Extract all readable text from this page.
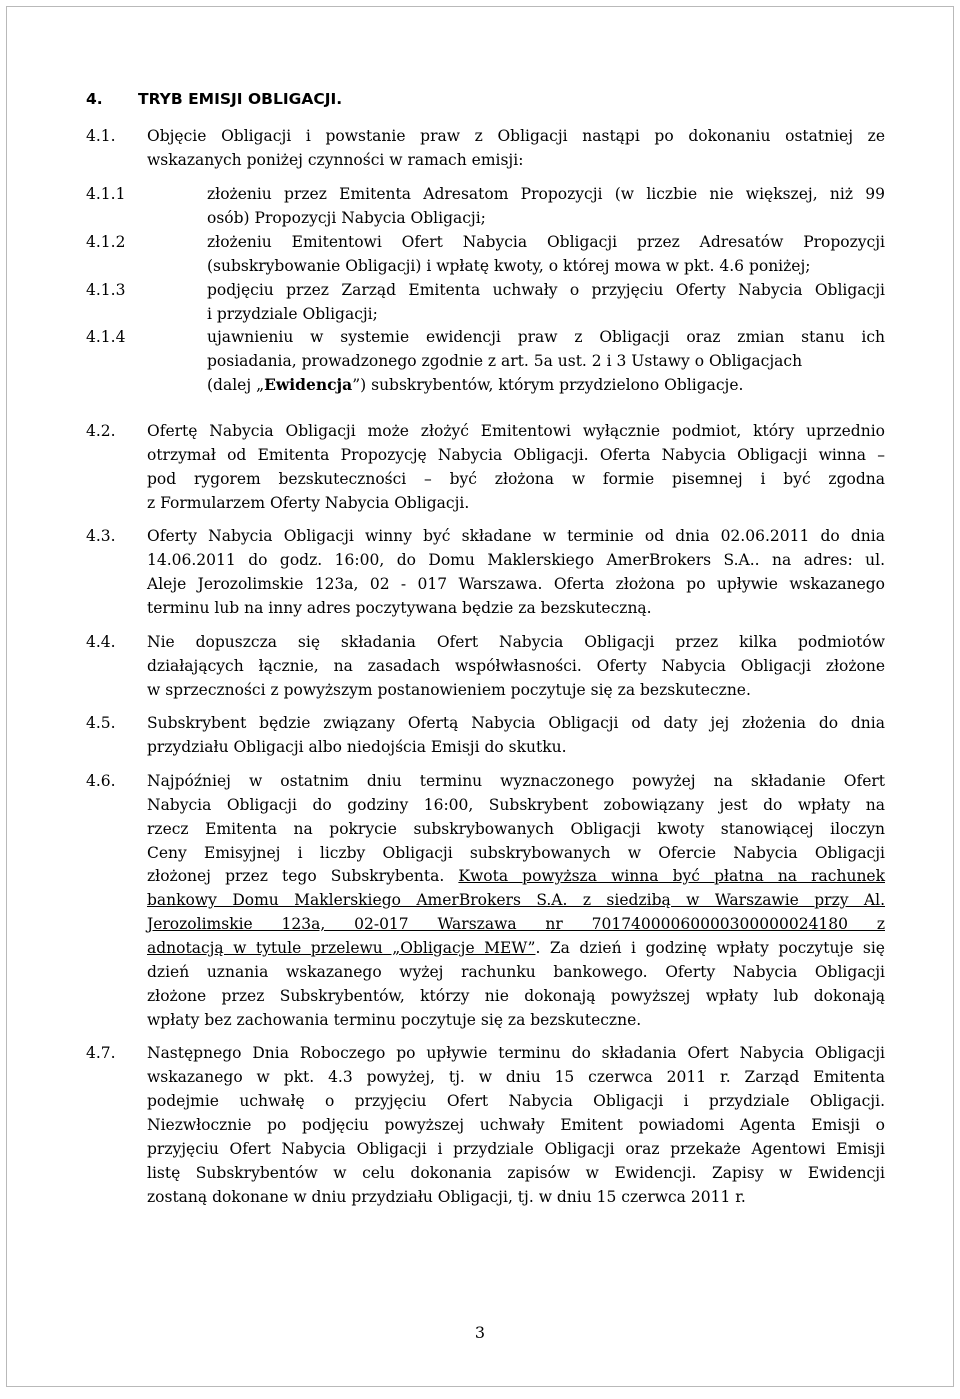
4. TRYB EMISJI OBLIGACJI.
4.1. Objęcie Obligacji i powstanie praw z Obligacji nastąpi po dokonaniu ostatniej ze
wskazanych poniżej czynności w ramach emisji:
4.1.1	złożeniu przez Emitenta Adresatom Propozycji (w liczbie nie większej, niż 99
osób) Propozycji Nabycia Obligacji;
4.1.2	złożeniu Emitentowi Ofert Nabycia Obligacji przez Adresatów Propozycji
(subskrybowanie Obligacji) i wpłatę kwoty, o której mowa w pkt. 4.6 poniżej;
4.1.3	podjęciu przez Zarząd Emitenta uchwały o przyjęciu Oferty Nabycia Obligacji
i przydziale Obligacji;
4.1.4	ujawnieniu w systemie ewidencji praw z Obligacji oraz zmian stanu ich
posiadania, prowadzonego zgodnie z art. 5a ust. 2 i 3 Ustawy o Obligacjach
(dalej „Ewidencja”) subskrybentów, którym przydzielono Obligacje.
4.2. Ofertę Nabycia Obligacji może złożyć Emitentowi wyłącznie podmiot, który uprzednio
otrzymał od Emitenta Propozycję Nabycia Obligacji. Oferta Nabycia Obligacji winna –
pod rygorem bezskuteczności – być złożona w formie pisemnej i być zgodna
z Formularzem Oferty Nabycia Obligacji.
4.3. Oferty Nabycia Obligacji winny być składane w terminie od dnia 02.06.2011 do dnia
14.06.2011 do godz. 16:00, do Domu Maklerskiego AmerBrokers S.A.. na adres: ul.
Aleje Jerozolimskie 123a, 02 - 017 Warszawa. Oferta złożona po upływie wskazanego
terminu lub na inny adres poczytywana będzie za bezskuteczną.
4.4. Nie dopuszcza się składania Ofert Nabycia Obligacji przez kilka podmiotów
działających łącznie, na zasadach współwłasności. Oferty Nabycia Obligacji złożone
w sprzeczności z powyższym postanowieniem poczytuje się za bezskuteczne.
4.5. Subskrybent będzie związany Ofertą Nabycia Obligacji od daty jej złożenia do dnia
przydziału Obligacji albo niedojścia Emisji do skutku.
4.6. Najpóźniej w ostatnim dniu terminu wyznaczonego powyżej na składanie Ofert
Nabycia Obligacji do godziny 16:00, Subskrybent zobowiązany jest do wpłaty na
rzecz Emitenta na pokrycie subskrybowanych Obligacji kwoty stanowiącej iloczyn
Ceny Emisyjnej i liczby Obligacji subskrybowanych w Ofercie Nabycia Obligacji
złożonej przez tego Subskrybenta. Kwota powyższa winna być płatna na rachunek
bankowy Domu Maklerskiego AmerBrokers S.A. z siedzibą w Warszawie przy Al.
Jerozolimskie 123a, 02-017 Warszawa nr 70174000060000300000024180 z
adnotacją w tytule przelewu „Obligacje MEW”. Za dzień i godzinę wpłaty poczytuje się
dzień uznania wskazanego wyżej rachunku bankowego. Oferty Nabycia Obligacji
złożone przez Subskrybentów, którzy nie dokonają powyższej wpłaty lub dokonają
wpłaty bez zachowania terminu poczytuje się za bezskuteczne.
4.7. Następnego Dnia Roboczego po upływie terminu do składania Ofert Nabycia Obligacji
wskazanego w pkt. 4.3 powyżej, tj. w dniu 15 czerwca 2011 r. Zarząd Emitenta
podejmie uchwałę o przyjęciu Ofert Nabycia Obligacji i przydziale Obligacji.
Niezwłocznie po podjęciu powyższej uchwały Emitent powiadomi Agenta Emisji o
przyjęciu Ofert Nabycia Obligacji i przydziale Obligacji oraz przekaże Agentowi Emisji
listę Subskrybentów w celu dokonania zapisów w Ewidencji. Zapisy w Ewidencji
zostaną dokonane w dniu przydziału Obligacji, tj. w dniu 15 czerwca 2011 r.
3
